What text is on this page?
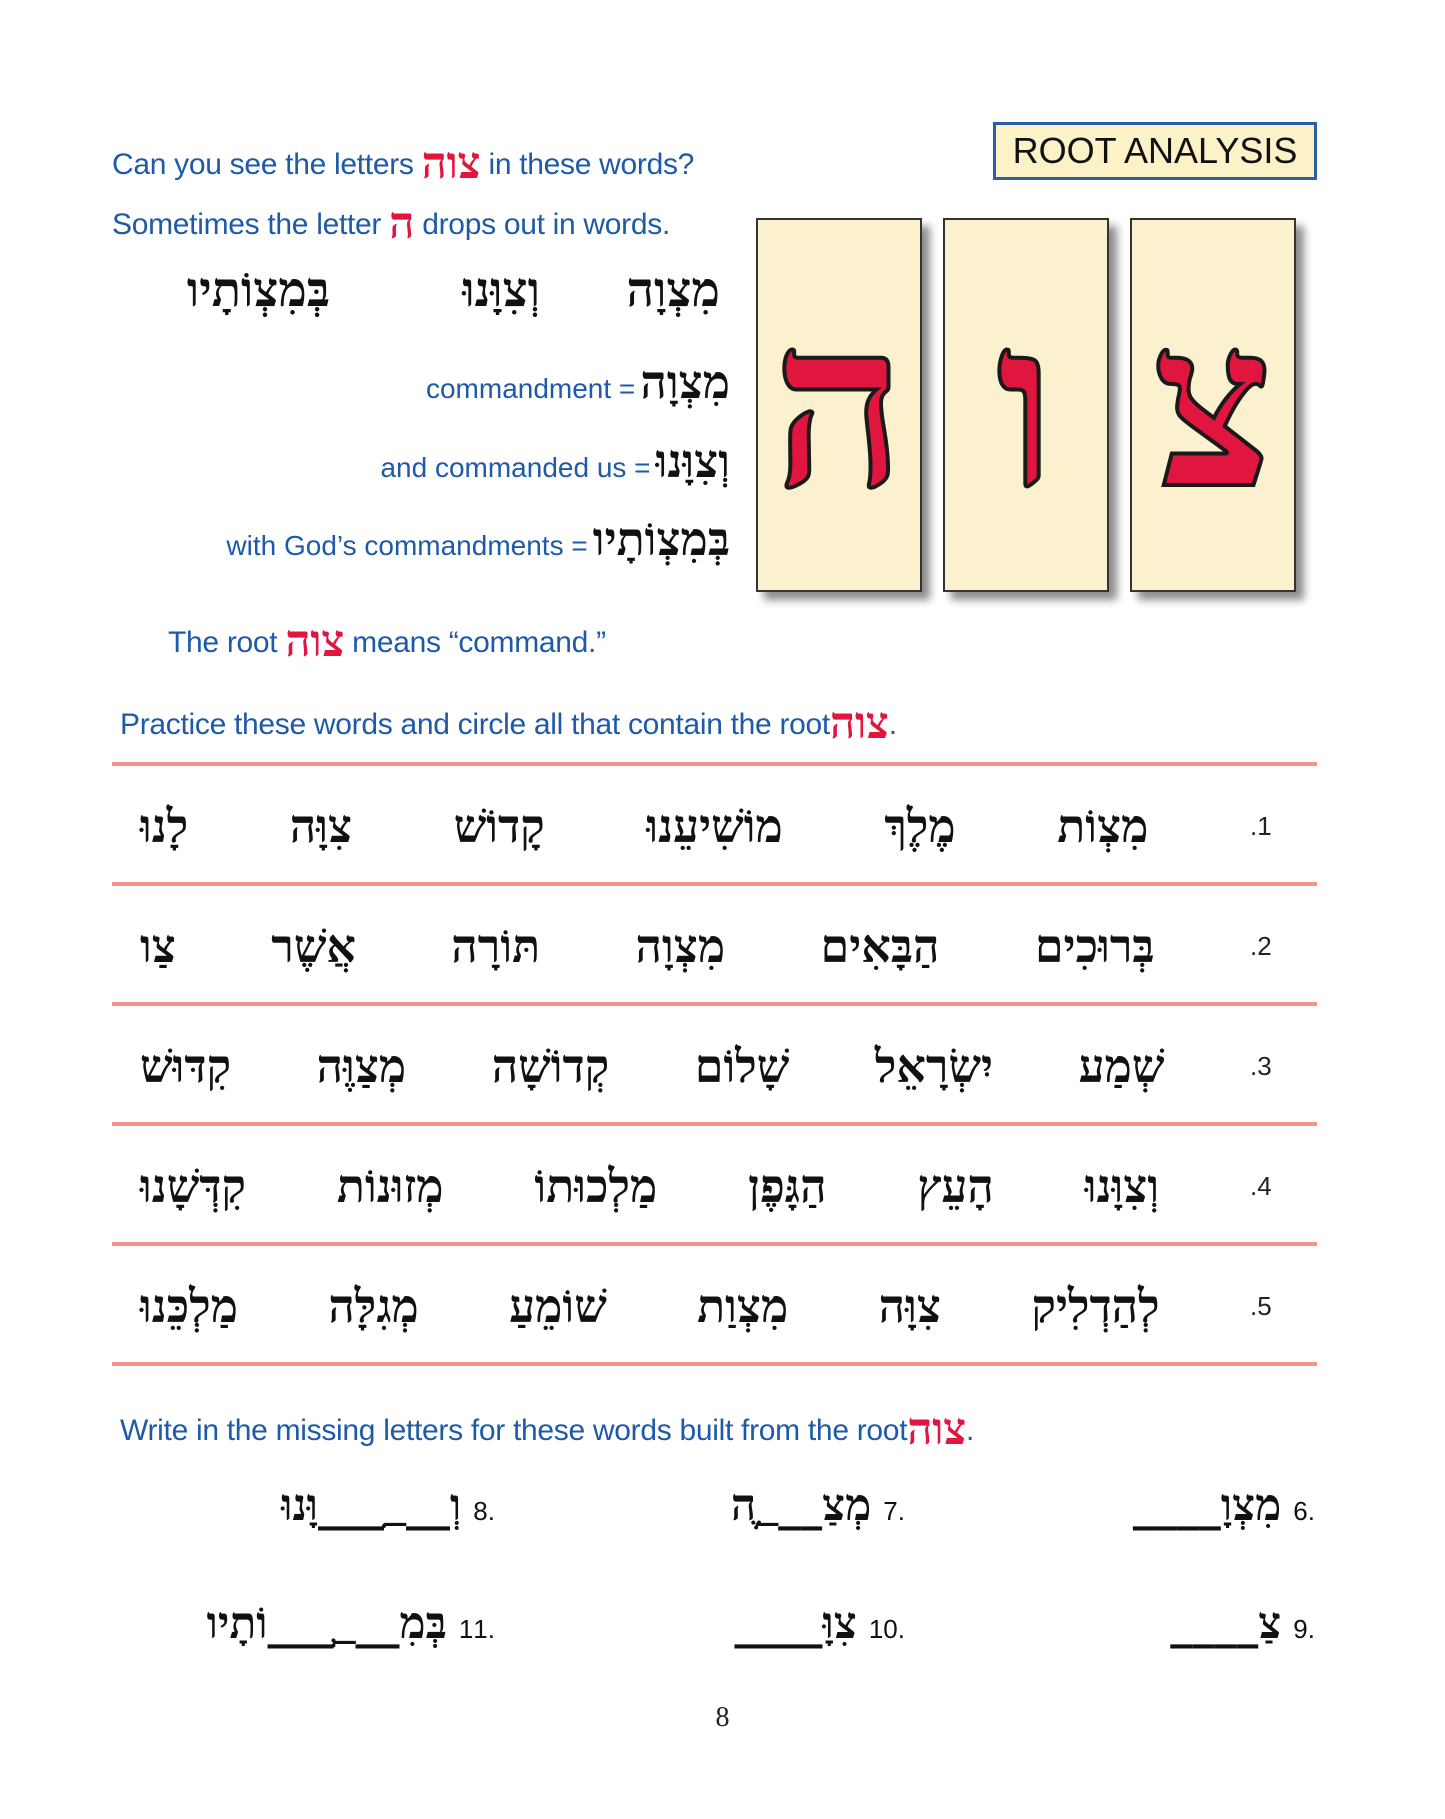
Can you see the letters צוה in these words?
Sometimes the letter ה drops out in words.
ROOT ANALYSIS
צ
ו
ה
מִצְוָה
וְצִוָּנוּ
בְּמִצְוֹתָיו
commandment = מִצְוָה
and commanded us = וְצִוָּנוּ
with God’s commandments = בְּמִצְוֹתָיו
The root צוה means “command.”
Practice these words and circle all that contain the rootצוה.
.1
מִצְוֹת
מֶלֶךְ
מוֹשִׁיעֵנוּ
קָדוֹשׁ
צִוָּה
לָנוּ
.2
בְּרוּכִים
הַבָּאִים
מִצְוָה
תּוֹרָה
אֲשֶׁר
צַו
.3
שְׁמַע
יִשְׂרָאֵל
שָׁלוֹם
קְדוֹשָׁה
מְצַוֶּה
קִדּוּשׁ
.4
וְצִוָּנוּ
הָעֵץ
הַגָּפֶן
מַלְכוּתוֹ
מְזוּנוֹת
קִדְּשָׁנוּ
.5
לְהַדְלִיק
צִוָּה
מִצְוַת
שׁוֹמֵעַ
מְגִלָּה
מַלְכֵּנוּ
Write in the missing letters for these words built from the rootצוה.
.6מִצְוָ____
.7מְצַ___ֶה
.8וְ___ִ___וָּנוּ
.9צַ____
.10צִוָּ____
.11בְּמִ___ְ___וֹתָיו
8
